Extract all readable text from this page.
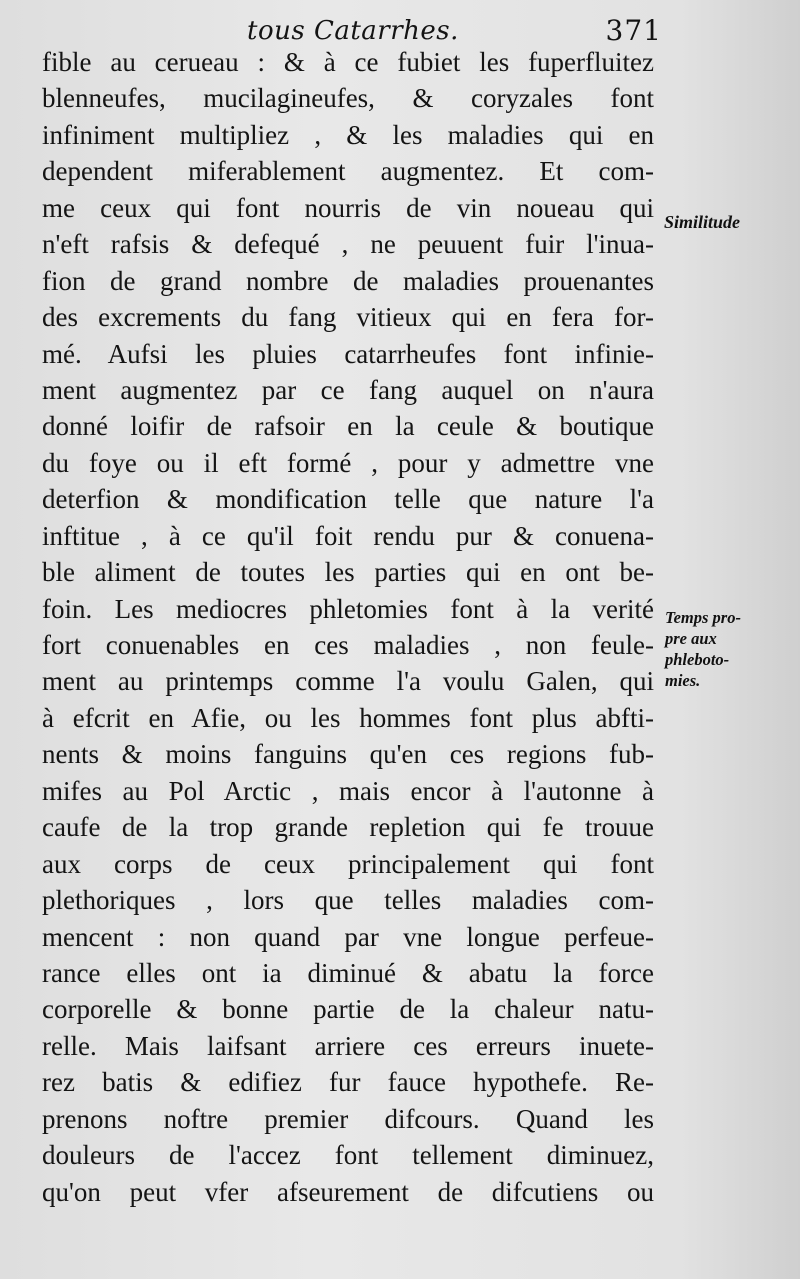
tous Catarrhes.	371
fible au cerueau : & à ce fubiet les fuperfluitez
blenneufes, mucilagineufes, & coryzales font
infiniment multipliez , & les maladies qui en
dependent miferablement augmentez. Et com-
me ceux qui font nourris de vin noueau qui
n'eft rafsis & defequé , ne peuuent fuir l'inua-
fion de grand nombre de maladies prouenantes
des excrements du fang vitieux qui en fera for-
mé. Aufsi les pluies catarrheufes font infinie-
ment augmentez par ce fang auquel on n'aura
donné loifir de rafsoir en la ceule & boutique
du foye ou il eft formé , pour y admettre vne
deterfion & mondification telle que nature l'a
inftitue , à ce qu'il foit rendu pur & conuena-
ble aliment de toutes les parties qui en ont be-
foin. Les mediocres phletomies font à la verité
fort conuenables en ces maladies , non feule-
ment au printemps comme l'a voulu Galen, qui
à efcrit en Afie, ou les hommes font plus abfti-
nents & moins fanguins qu'en ces regions fub-
mifes au Pol Arctic , mais encor à l'autonne à
caufe de la trop grande repletion qui fe trouue
aux corps de ceux principalement qui font
plethoriques , lors que telles maladies com-
mencent : non quand par vne longue perfeue-
rance elles ont ia diminué & abatu la force
corporelle & bonne partie de la chaleur natu-
relle. Mais laifsant arriere ces erreurs inuete-
rez batis & edifiez fur fauce hypothefe. Re-
prenons noftre premier difcours. Quand les
douleurs de l'accez font tellement diminuez,
qu'on peut vfer afseurement de difcutiens ou
Similitude
Temps pro-
pre aux
phleboto-
mies.
